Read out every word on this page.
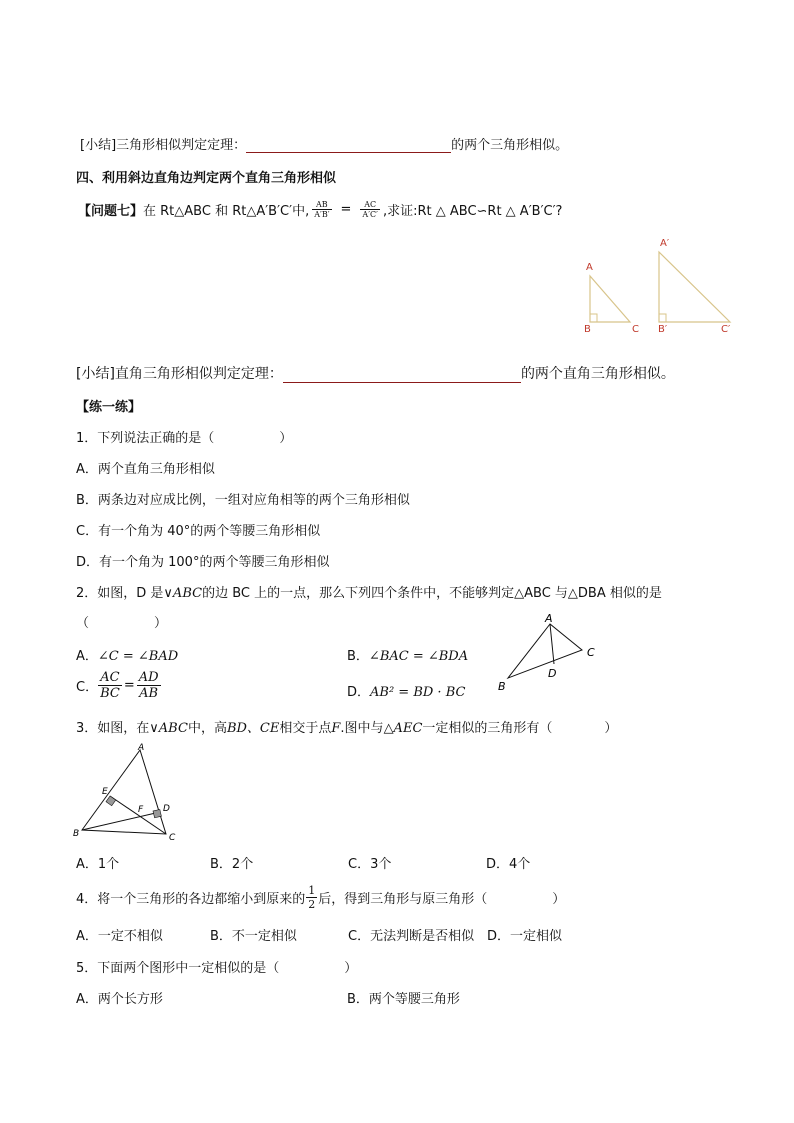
[小结]三角形相似判定定理：	的两个三角形相似。
四、利用斜边直角边判定两个直角三角形相似
【问题七】 在 Rt△ABC 和 Rt△A′B′C′中, $\frac{AB}{A'B'} = \frac{AC}{A'C'}$ ,求证:Rt △ ABC∽Rt △ A′B′C′?
A
B	C
A′
B′	C′
[小结]直角三角形相似判定定理：	的两个直角三角形相似。
【练一练】
1．下列说法正确的是（　　　　　）
A．两个直角三角形相似
B．两条边对应成比例，一组对应角相等的两个三角形相似
C．有一个角为 40°的两个等腰三角形相似
D．有一个角为 100°的两个等腰三角形相似
2．如图，D 是∨ABC的边 BC 上的一点，那么下列四个条件中，不能够判定△ABC 与△DBA 相似的是
（　　　　　）
A．∠C = ∠BAD	B．∠BAC = ∠BDA
C． $\frac{AC}{BC} = \frac{AD}{AB}$	D．AB² = BD · BC
A
B
C
D
3．如图，在∨ABC中，高BD、CE相交于点F.图中与△AEC一定相似的三角形有（　　　　）
A
B	C
D
E
F
A．1个	B．2个	C．3个	D．4个
4．将一个三角形的各边都缩小到原来的 $\frac{1}{2}$ 后，得到三角形与原三角形（　　　　　）
A．一定不相似	B．不一定相似	C．无法判断是否相似 D．一定相似
5．下面两个图形中一定相似的是（　　　　　）
A．两个长方形	B．两个等腰三角形
